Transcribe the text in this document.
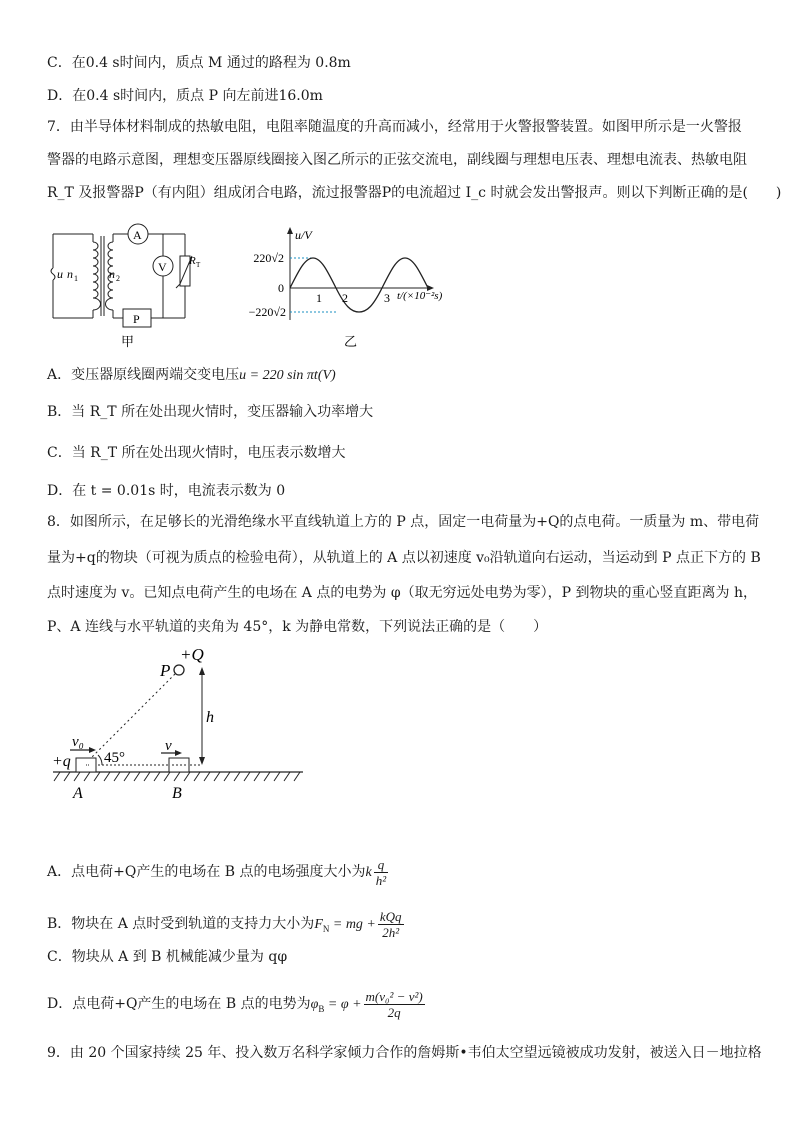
C．在0.4 s时间内，质点 M 通过的路程为 0.8m
D．在0.4 s时间内，质点 P 向左前进16.0m
7．由半导体材料制成的热敏电阻，电阻率随温度的升高而减小，经常用于火警报警装置。如图甲所示是一火警报
警器的电路示意图，理想变压器原线圈接入图乙所示的正弦交流电，副线圈与理想电压表、理想电流表、热敏电阻
R_T 及报警器P（有内阻）组成闭合电路，流过报警器P的电流超过 I_c 时就会发出警报声。则以下判断正确的是(　　)
u n 1	n 2
A
V R T
P
甲
u/V
220√2
0
−220√2
1 2	3 t/(×10⁻²s)
乙
A．变压器原线圈两端交变电压u = 220 sin πt(V)
B．当 R_T 所在处出现火情时，变压器输入功率增大
C．当 R_T 所在处出现火情时，电压表示数增大
D．在 t = 0.01s 时，电流表示数为 0
8．如图所示，在足够长的光滑绝缘水平直线轨道上方的 P 点，固定一电荷量为+Q的点电荷。一质量为 m、带电荷
量为+q的物块（可视为质点的检验电荷），从轨道上的 A 点以初速度 v₀沿轨道向右运动，当运动到 P 点正下方的 B
点时速度为 v。已知点电荷产生的电场在 A 点的电势为 φ（取无穷远处电势为零），P 到物块的重心竖直距离为 h，
P、A 连线与水平轨道的夹角为 45°，k 为静电常数，下列说法正确的是（　　）
P
+Q
h
45°
v₀
+q
v
A	B
A．点电荷+Q产生的电场在 B 点的电场强度大小为k $\frac{q}{\text{h²}}$
B．物块在 A 点时受到轨道的支持力大小为$F_N$ = mg + $\frac{\text{kQq}}{\text{2h²}}$
C．物块从 A 到 B 机械能减少量为 qφ
D．点电荷+Q产生的电场在 B 点的电势为$\varphi_B = \varphi + \frac{\text{m(v₀² − v²)}}{2q}$
9．由 20 个国家持续 25 年、投入数万名科学家倾力合作的詹姆斯•韦伯太空望远镜被成功发射，被送入日－地拉格
